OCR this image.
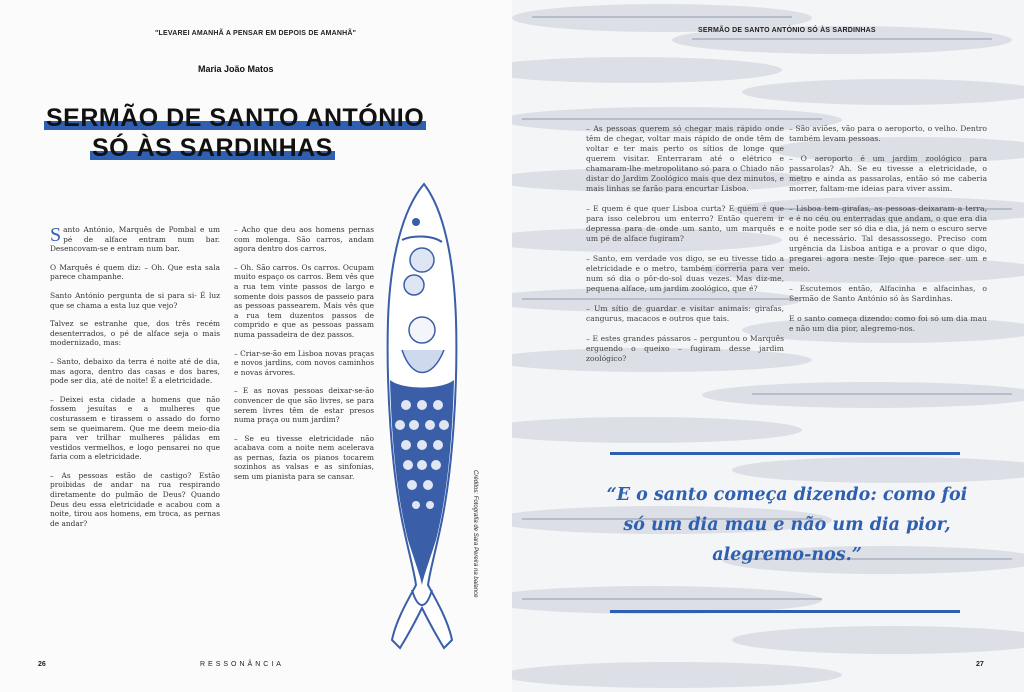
"LEVAREI AMANHÃ A PENSAR EM DEPOIS DE AMANHÃ"
Maria João Matos
SERMÃO DE SANTO ANTÓNIO

SÓ ÀS SARDINHAS

Santo António, Marquês de Pombal e um pé de alface entram num bar. Desencovam-se e entram num bar.

O Marquês é quem diz: – Oh. Que esta sala parece champanhe.

Santo António pergunta de si para si- É luz que se chama a esta luz que vejo?

Talvez se estranhe que, dos três recém desenterrados, o pé de alface seja o mais modernizado, mas:

– Santo, debaixo da terra é noite até de dia, mas agora, dentro das casas e dos bares, pode ser dia, até de noite! É a eletricidade.

– Deixei esta cidade a homens que não fossem jesuítas e a mulheres que costurassem e tirassem o assado do forno sem se queimarem. Que me deem meio-dia para ver trilhar mulheres pálidas em vestidos vermelhos, e logo pensarei no que faria com a eletricidade.

– As pessoas estão de castigo? Estão proibidas de andar na rua respirando diretamente do pulmão de Deus? Quando Deus deu essa eletricidade e acabou com a noite, tirou aos homens, em troca, as pernas de andar?

– Acho que deu aos homens pernas com molenga. São carros, andam agora dentro dos carros.

– Oh. São carros. Os carros. Ocupam muito espaço os carros. Bem vês que a rua tem vinte passos de largo e somente dois passos de passeio para as pessoas passearem. Mais vês que a rua tem duzentos passos de comprido e que as pessoas passam numa passadeira de dez passos.

– Criar-se-ão em Lisboa novas praças e novos jardins, com novos caminhos e novas árvores.

– E as novas pessoas deixar-se-ão convencer de que são livres, se para serem livres têm de estar presos numa praça ou num jardim?

– Se eu tivesse eletricidade não acabava com a noite nem acelerava as pernas, fazia os pianos tocarem sozinhos as valsas e as sinfonias, sem um pianista para se cansar.	Créditos: Fotografia de Sara Pereira na balance
26	RESSONÂNCIA
SERMÃO DE SANTO ANTÓNIO SÓ ÀS SARDINHAS

– As pessoas querem só chegar mais rápido onde têm de chegar, voltar mais rápido de onde têm de voltar e ter mais perto os sítios de longe que querem visitar. Enterraram até o elétrico e chamaram-lhe metropolitano só para o Chiado não distar do Jardim Zoológico mais que dez minutos, e mais linhas se farão para encurtar Lisboa.

– E quem é que quer Lisboa curta? E quem é que para isso celebrou um enterro? Então querem ir depressa para de onde um santo, um marquês e um pé de alface fugiram?

– Santo, em verdade vos digo, se eu tivesse tido a eletricidade e o metro, também correria para ver num só dia o pôr-do-sol duas vezes. Mas diz-me, pequena alface, um jardim zoológico, que é?

– Um sítio de guardar e visitar animais: girafas, cangurus, macacos e outros que tais.

– E estes grandes pássaros – perguntou o Marquês erguendo o queixo – fugiram desse jardim zoológico?

– São aviões, vão para o aeroporto, o velho. Dentro também levam pessoas.

– O aeroporto é um jardim zoológico para passarolas? Ah. Se eu tivesse a eletricidade, o metro e ainda as passarolas, então só me caberia morrer, faltam-me ideias para viver assim.

– Lisboa tem girafas, as pessoas deixaram a terra, e é no céu ou enterradas que andam, o que era dia e noite pode ser só dia e dia, já nem o escuro serve ou é necessário. Tal desassossego. Preciso com urgência da Lisboa antiga e a provar o que digo, pregarei agora neste Tejo que parece ser um e meio.

– Escutemos então, Alfacinha e alfacinhas, o Sermão de Santo António só às Sardinhas.

E o santo começa dizendo: como foi só um dia mau e não um dia pior, alegremo-nos.

“E o santo começa dizendo: como foi só um dia mau e não um dia pior, alegremo-nos.”
27
